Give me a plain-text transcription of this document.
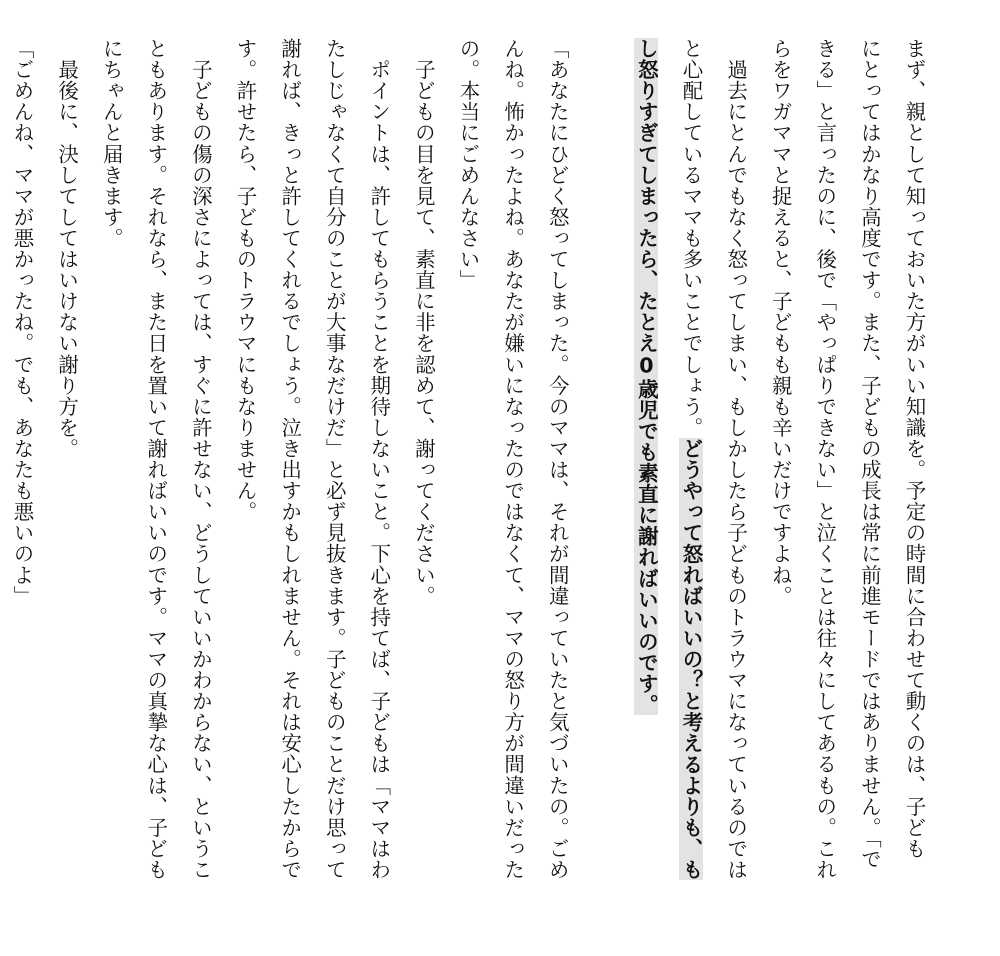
まず、親として知っておいた方がいい知識を。予定の時間に合わせて動くのは、子ども
にとってはかなり高度です。また、子どもの成長は常に前進モードではありません。「で
きる」と言ったのに、後で「やっぱりできない」と泣くことは往々にしてあるもの。これ
らをワガママと捉えると、子どもも親も辛いだけですよね。
　過去にとんでもなく怒ってしまい、もしかしたら子どものトラウマになっているのでは
と心配しているママも多いことでしょう。どうやって怒ればいいの？と考えるよりも、も
し怒りすぎてしまったら、たとえ0歳児でも素直に謝ればいいのです。
「あなたにひどく怒ってしまった。今のママは、それが間違っていたと気づいたの。ごめ
んね。怖かったよね。あなたが嫌いになったのではなくて、ママの怒り方が間違いだった
の。本当にごめんなさい」
　子どもの目を見て、素直に非を認めて、謝ってください。
　ポイントは、許してもらうことを期待しないこと。下心を持てば、子どもは「ママはわ
たしじゃなくて自分のことが大事なだけだ」と必ず見抜きます。子どものことだけ思って
謝れば、きっと許してくれるでしょう。泣き出すかもしれません。それは安心したからで
す。許せたら、子どものトラウマにもなりません。
　子どもの傷の深さによっては、すぐに許せない、どうしていいかわからない、というこ
ともあります。それなら、また日を置いて謝ればいいのです。ママの真摯な心は、子ども
にちゃんと届きます。
　最後に、決してしてはいけない謝り方を。
「ごめんね、ママが悪かったね。でも、あなたも悪いのよ」
